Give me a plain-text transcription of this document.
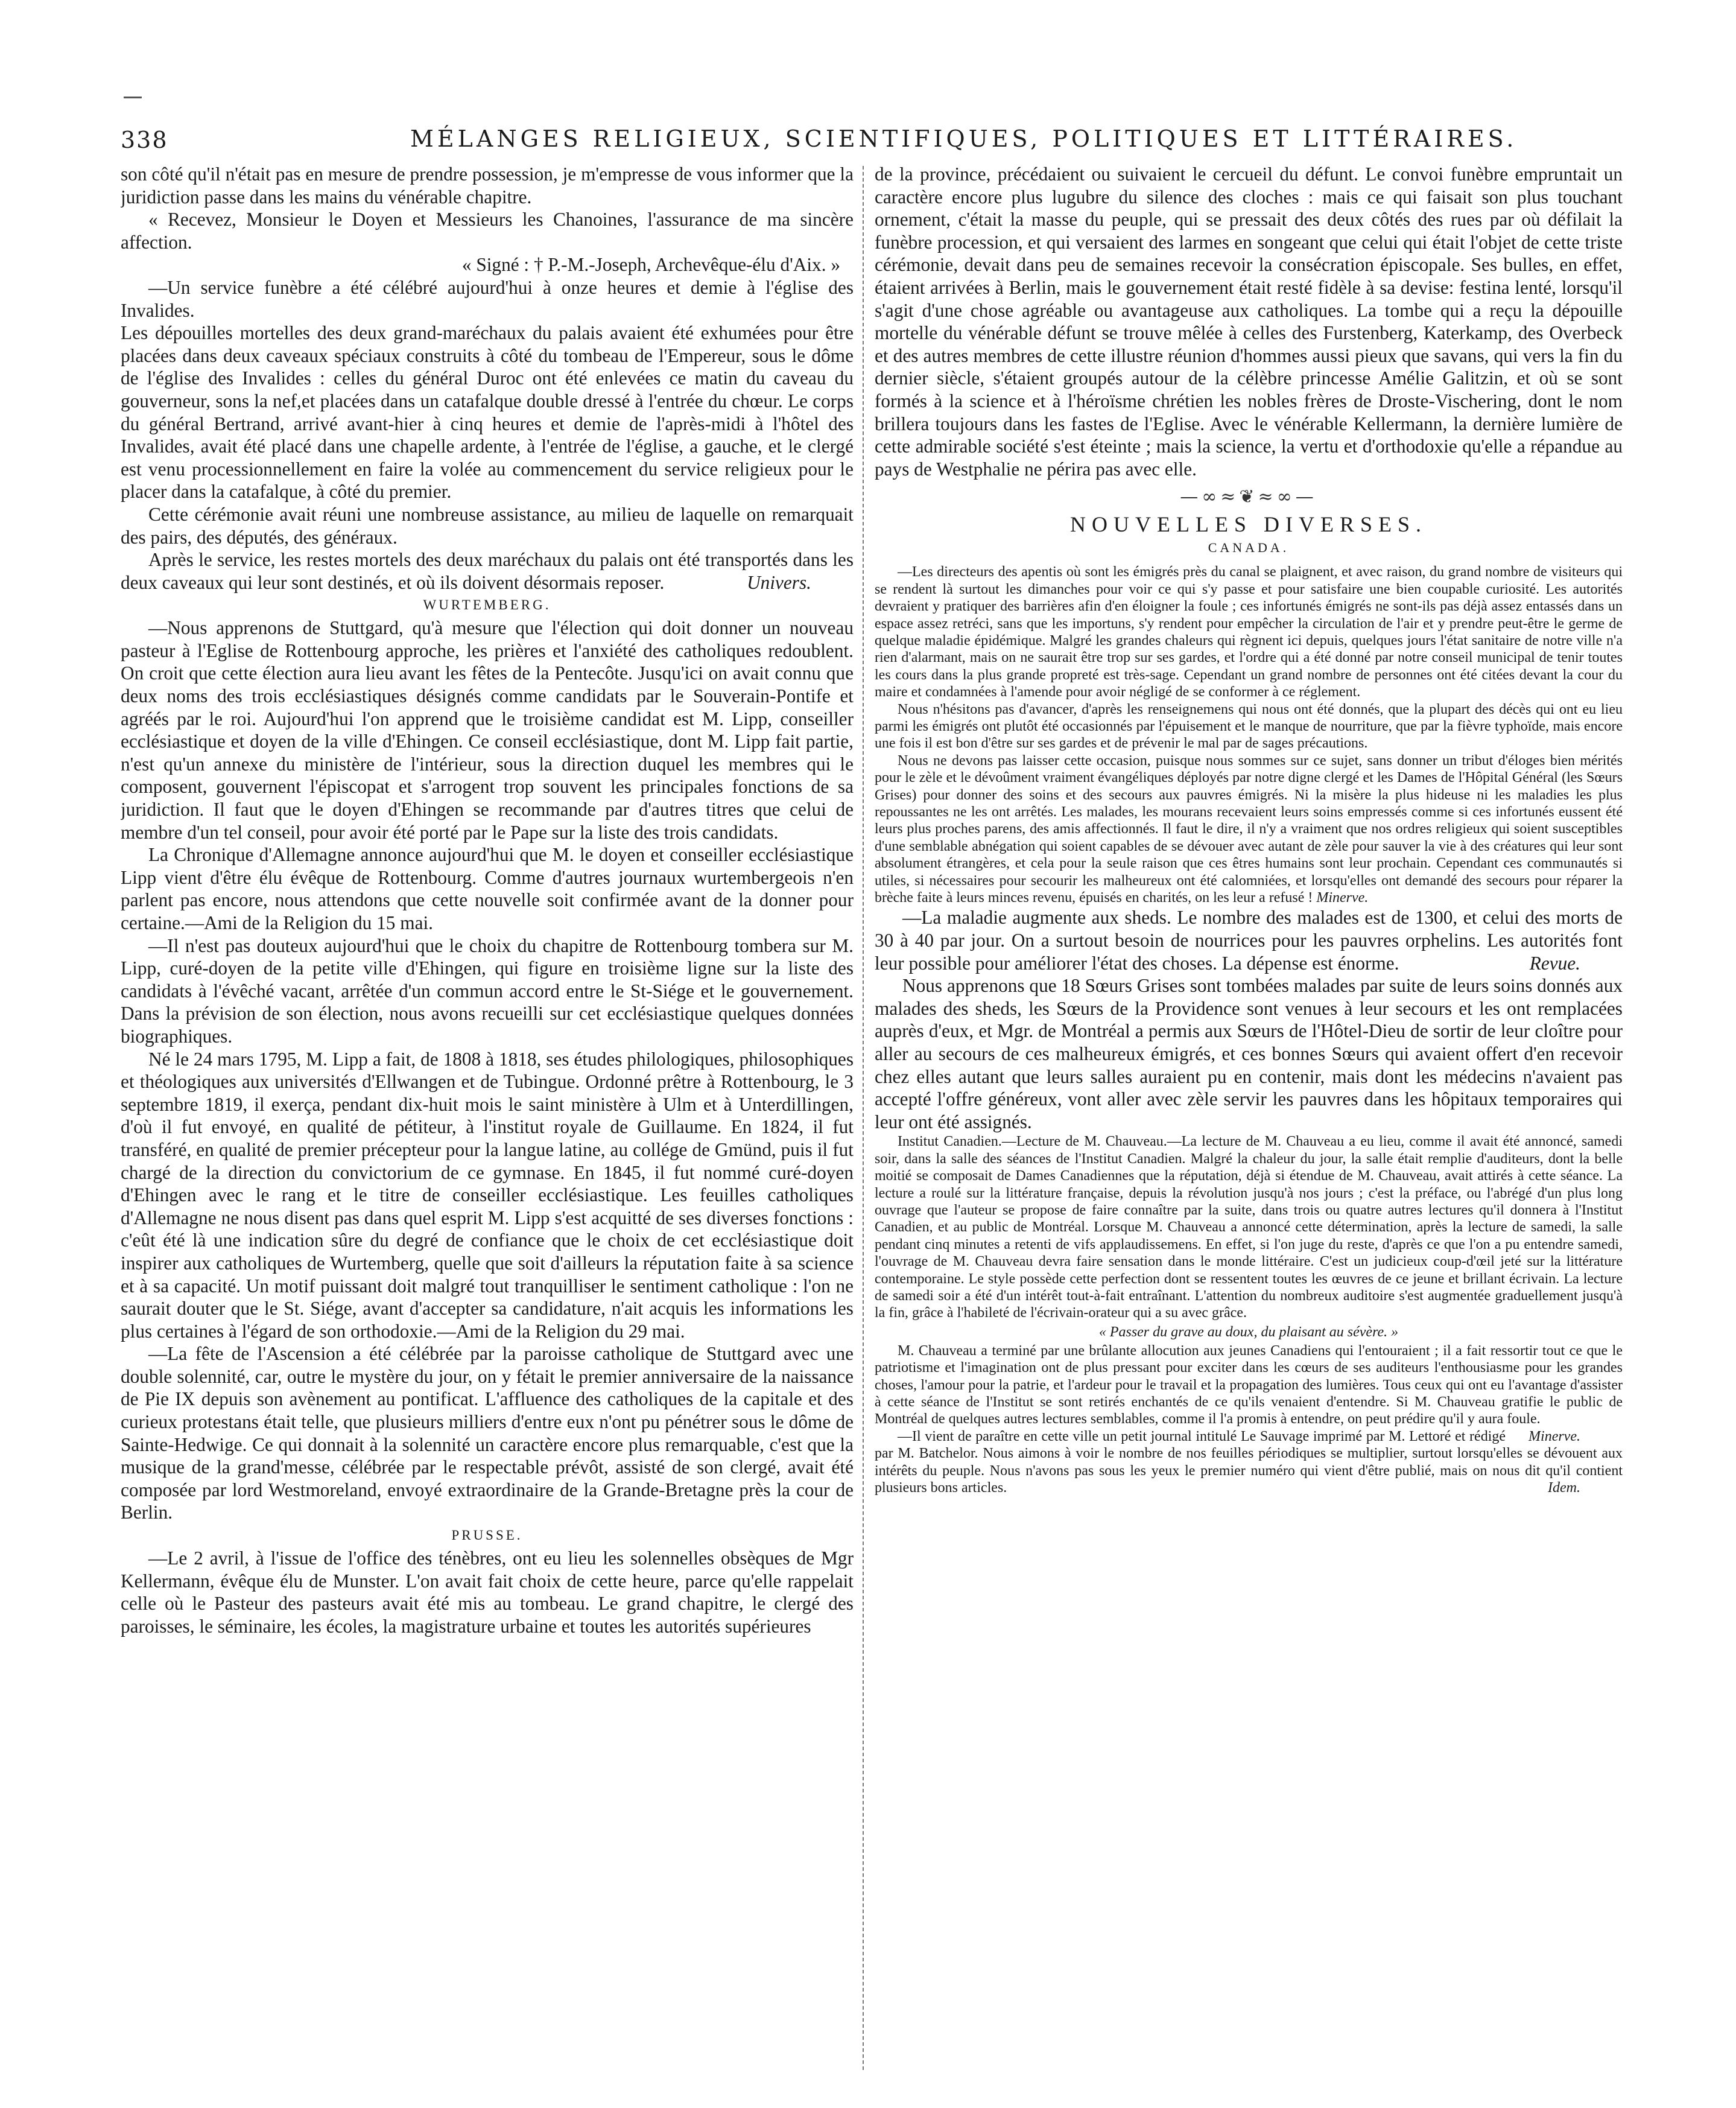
338	MÉLANGES RELIGIEUX, SCIENTIFIQUES, POLITIQUES ET LITTÉRAIRES.

son côté qu'il n'était pas en mesure de prendre possession, je m'empresse de vous informer que la juridiction passe dans les mains du vénérable chapitre.

« Recevez, Monsieur le Doyen et Messieurs les Chanoines, l'assurance de ma sincère affection.

« Signé : † P.-M.-Joseph, Archevêque-élu d'Aix. »

—Un service funèbre a été célébré aujourd'hui à onze heures et demie à l'église des Invalides.

Les dépouilles mortelles des deux grand-maréchaux du palais avaient été exhumées pour être placées dans deux caveaux spéciaux construits à côté du tombeau de l'Empereur, sous le dôme de l'église des Invalides : celles du général Duroc ont été enlevées ce matin du caveau du gouverneur, sons la nef,et placées dans un catafalque double dressé à l'entrée du chœur. Le corps du général Bertrand, arrivé avant-hier à cinq heures et demie de l'après-midi à l'hôtel des Invalides, avait été placé dans une chapelle ardente, à l'entrée de l'église, a gauche, et le clergé est venu processionnellement en faire la volée au commencement du service religieux pour le placer dans la catafalque, à côté du premier.

Cette cérémonie avait réuni une nombreuse assistance, au milieu de laquelle on remarquait des pairs, des députés, des généraux.

Après le service, les restes mortels des deux maréchaux du palais ont été transportés dans les deux caveaux qui leur sont destinés, et où ils doivent désormais reposer.	Univers.

WURTEMBERG.

—Nous apprenons de Stuttgard, qu'à mesure que l'élection qui doit donner un nouveau pasteur à l'Eglise de Rottenbourg approche, les prières et l'anxiété des catholiques redoublent. On croit que cette élection aura lieu avant les fêtes de la Pentecôte. Jusqu'ici on avait connu que deux noms des trois ecclésiastiques désignés comme candidats par le Souverain-Pontife et agréés par le roi. Aujourd'hui l'on apprend que le troisième candidat est M. Lipp, conseiller ecclésiastique et doyen de la ville d'Ehingen. Ce conseil ecclésiastique, dont M. Lipp fait partie, n'est qu'un annexe du ministère de l'intérieur, sous la direction duquel les membres qui le composent, gouvernent l'épiscopat et s'arrogent trop souvent les principales fonctions de sa juridiction. Il faut que le doyen d'Ehingen se recommande par d'autres titres que celui de membre d'un tel conseil, pour avoir été porté par le Pape sur la liste des trois candidats.

La Chronique d'Allemagne annonce aujourd'hui que M. le doyen et conseiller ecclésiastique Lipp vient d'être élu évêque de Rottenbourg. Comme d'autres journaux wurtembergeois n'en parlent pas encore, nous attendons que cette nouvelle soit confirmée avant de la donner pour certaine.—Ami de la Religion du 15 mai.

—Il n'est pas douteux aujourd'hui que le choix du chapitre de Rottenbourg tombera sur M. Lipp, curé-doyen de la petite ville d'Ehingen, qui figure en troisième ligne sur la liste des candidats à l'évêché vacant, arrêtée d'un commun accord entre le St-Siége et le gouvernement. Dans la prévision de son élection, nous avons recueilli sur cet ecclésiastique quelques données biographiques.

Né le 24 mars 1795, M. Lipp a fait, de 1808 à 1818, ses études philologiques, philosophiques et théologiques aux universités d'Ellwangen et de Tubingue. Ordonné prêtre à Rottenbourg, le 3 septembre 1819, il exerça, pendant dix-huit mois le saint ministère à Ulm et à Unterdillingen, d'où il fut envoyé, en qualité de pétiteur, à l'institut royale de Guillaume. En 1824, il fut transféré, en qualité de premier précepteur pour la langue latine, au collége de Gmünd, puis il fut chargé de la direction du convictorium de ce gymnase. En 1845, il fut nommé curé-doyen d'Ehingen avec le rang et le titre de conseiller ecclésiastique. Les feuilles catholiques d'Allemagne ne nous disent pas dans quel esprit M. Lipp s'est acquitté de ses diverses fonctions : c'eût été là une indication sûre du degré de confiance que le choix de cet ecclésiastique doit inspirer aux catholiques de Wurtemberg, quelle que soit d'ailleurs la réputation faite à sa science et à sa capacité. Un motif puissant doit malgré tout tranquilliser le sentiment catholique : l'on ne saurait douter que le St. Siége, avant d'accepter sa candidature, n'ait acquis les informations les plus certaines à l'égard de son orthodoxie.—Ami de la Religion du 29 mai.

—La fête de l'Ascension a été célébrée par la paroisse catholique de Stuttgard avec une double solennité, car, outre le mystère du jour, on y fétait le premier anniversaire de la naissance de Pie IX depuis son avènement au pontificat. L'affluence des catholiques de la capitale et des curieux protestans était telle, que plusieurs milliers d'entre eux n'ont pu pénétrer sous le dôme de Sainte-Hedwige. Ce qui donnait à la solennité un caractère encore plus remarquable, c'est que la musique de la grand'messe, célébrée par le respectable prévôt, assisté de son clergé, avait été composée par lord Westmoreland, envoyé extraordinaire de la Grande-Bretagne près la cour de Berlin.

PRUSSE.

—Le 2 avril, à l'issue de l'office des ténèbres, ont eu lieu les solennelles obsèques de Mgr Kellermann, évêque élu de Munster. L'on avait fait choix de cette heure, parce qu'elle rappelait celle où le Pasteur des pasteurs avait été mis au tombeau. Le grand chapitre, le clergé des paroisses, le séminaire, les écoles, la magistrature urbaine et toutes les autorités supérieures

de la province, précédaient ou suivaient le cercueil du défunt. Le convoi funèbre empruntait un caractère encore plus lugubre du silence des cloches : mais ce qui faisait son plus touchant ornement, c'était la masse du peuple, qui se pressait des deux côtés des rues par où défilait la funèbre procession, et qui versaient des larmes en songeant que celui qui était l'objet de cette triste cérémonie, devait dans peu de semaines recevoir la consécration épiscopale. Ses bulles, en effet, étaient arrivées à Berlin, mais le gouvernement était resté fidèle à sa devise: festina lenté, lorsqu'il s'agit d'une chose agréable ou avantageuse aux catholiques. La tombe qui a reçu la dépouille mortelle du vénérable défunt se trouve mêlée à celles des Furstenberg, Katerkamp, des Overbeck et des autres membres de cette illustre réunion d'hommes aussi pieux que savans, qui vers la fin du dernier siècle, s'étaient groupés autour de la célèbre princesse Amélie Galitzin, et où se sont formés à la science et à l'héroïsme chrétien les nobles frères de Droste-Vischering, dont le nom brillera toujours dans les fastes de l'Eglise. Avec le vénérable Kellermann, la dernière lumière de cette admirable société s'est éteinte ; mais la science, la vertu et d'orthodoxie qu'elle a répandue au pays de Westphalie ne périra pas avec elle.

—∞≈❦≈∞—
NOUVELLES DIVERSES.
CANADA.

—Les directeurs des apentis où sont les émigrés près du canal se plaignent, et avec raison, du grand nombre de visiteurs qui se rendent là surtout les dimanches pour voir ce qui s'y passe et pour satisfaire une bien coupable curiosité. Les autorités devraient y pratiquer des barrières afin d'en éloigner la foule ; ces infortunés émigrés ne sont-ils pas déjà assez entassés dans un espace assez retréci, sans que les importuns, s'y rendent pour empêcher la circulation de l'air et y prendre peut-être le germe de quelque maladie épidémique. Malgré les grandes chaleurs qui règnent ici depuis, quelques jours l'état sanitaire de notre ville n'a rien d'alarmant, mais on ne saurait être trop sur ses gardes, et l'ordre qui a été donné par notre conseil municipal de tenir toutes les cours dans la plus grande propreté est très-sage. Cependant un grand nombre de personnes ont été citées devant la cour du maire et condamnées à l'amende pour avoir négligé de se conformer à ce réglement.

Nous n'hésitons pas d'avancer, d'après les renseignemens qui nous ont été donnés, que la plupart des décès qui ont eu lieu parmi les émigrés ont plutôt été occasionnés par l'épuisement et le manque de nourriture, que par la fièvre typhoïde, mais encore une fois il est bon d'être sur ses gardes et de prévenir le mal par de sages précautions.

Nous ne devons pas laisser cette occasion, puisque nous sommes sur ce sujet, sans donner un tribut d'éloges bien mérités pour le zèle et le dévoûment vraiment évangéliques déployés par notre digne clergé et les Dames de l'Hôpital Général (les Sœurs Grises) pour donner des soins et des secours aux pauvres émigrés. Ni la misère la plus hideuse ni les maladies les plus repoussantes ne les ont arrêtés. Les malades, les mourans recevaient leurs soins empressés comme si ces infortunés eussent été leurs plus proches parens, des amis affectionnés. Il faut le dire, il n'y a vraiment que nos ordres religieux qui soient susceptibles d'une semblable abnégation qui soient capables de se dévouer avec autant de zèle pour sauver la vie à des créatures qui leur sont absolument étrangères, et cela pour la seule raison que ces êtres humains sont leur prochain. Cependant ces communautés si utiles, si nécessaires pour secourir les malheureux ont été calomniées, et lorsqu'elles ont demandé des secours pour réparer la brèche faite à leurs minces revenu, épuisés en charités, on les leur a refusé ! Minerve.

—La maladie augmente aux sheds. Le nombre des malades est de 1300, et celui des morts de 30 à 40 par jour. On a surtout besoin de nourrices pour les pauvres orphelins. Les autorités font leur possible pour améliorer l'état des choses. La dépense est énorme.	Revue.

Nous apprenons que 18 Sœurs Grises sont tombées malades par suite de leurs soins donnés aux malades des sheds, les Sœurs de la Providence sont venues à leur secours et les ont remplacées auprès d'eux, et Mgr. de Montréal a permis aux Sœurs de l'Hôtel-Dieu de sortir de leur cloître pour aller au secours de ces malheureux émigrés, et ces bonnes Sœurs qui avaient offert d'en recevoir chez elles autant que leurs salles auraient pu en contenir, mais dont les médecins n'avaient pas accepté l'offre généreux, vont aller avec zèle servir les pauvres dans les hôpitaux temporaires qui leur ont été assignés.

Institut Canadien.—Lecture de M. Chauveau.—La lecture de M. Chauveau a eu lieu, comme il avait été annoncé, samedi soir, dans la salle des séances de l'Institut Canadien. Malgré la chaleur du jour, la salle était remplie d'auditeurs, dont la belle moitié se composait de Dames Canadiennes que la réputation, déjà si étendue de M. Chauveau, avait attirés à cette séance. La lecture a roulé sur la littérature française, depuis la révolution jusqu'à nos jours ; c'est la préface, ou l'abrégé d'un plus long ouvrage que l'auteur se propose de faire connaître par la suite, dans trois ou quatre autres lectures qu'il donnera à l'Institut Canadien, et au public de Montréal. Lorsque M. Chauveau a annoncé cette détermination, après la lecture de samedi, la salle pendant cinq minutes a retenti de vifs applaudissemens. En effet, si l'on juge du reste, d'après ce que l'on a pu entendre samedi, l'ouvrage de M. Chauveau devra faire sensation dans le monde littéraire. C'est un judicieux coup-d'œil jeté sur la littérature contemporaine. Le style possède cette perfection dont se ressentent toutes les œuvres de ce jeune et brillant écrivain. La lecture de samedi soir a été d'un intérêt tout-à-fait entraînant. L'attention du nombreux auditoire s'est augmentée graduellement jusqu'à la fin, grâce à l'habileté de l'écrivain-orateur qui a su avec grâce.

« Passer du grave au doux, du plaisant au sévère. »

M. Chauveau a terminé par une brûlante allocution aux jeunes Canadiens qui l'entouraient ; il a fait ressortir tout ce que le patriotisme et l'imagination ont de plus pressant pour exciter dans les cœurs de ses auditeurs l'enthousiasme pour les grandes choses, l'amour pour la patrie, et l'ardeur pour le travail et la propagation des lumières. Tous ceux qui ont eu l'avantage d'assister à cette séance de l'Institut se sont retirés enchantés de ce qu'ils venaient d'entendre. Si M. Chauveau gratifie le public de Montréal de quelques autres lectures semblables, comme il l'a promis à entendre, on peut prédire qu'il y aura foule.
Minerve.

—Il vient de paraître en cette ville un petit journal intitulé Le Sauvage imprimé par M. Lettoré et rédigé par M. Batchelor. Nous aimons à voir le nombre de nos feuilles périodiques se multiplier, surtout lorsqu'elles se dévouent aux intérêts du peuple. Nous n'avons pas sous les yeux le premier numéro qui vient d'être publié, mais on nous dit qu'il contient plusieurs bons articles.	Idem.
